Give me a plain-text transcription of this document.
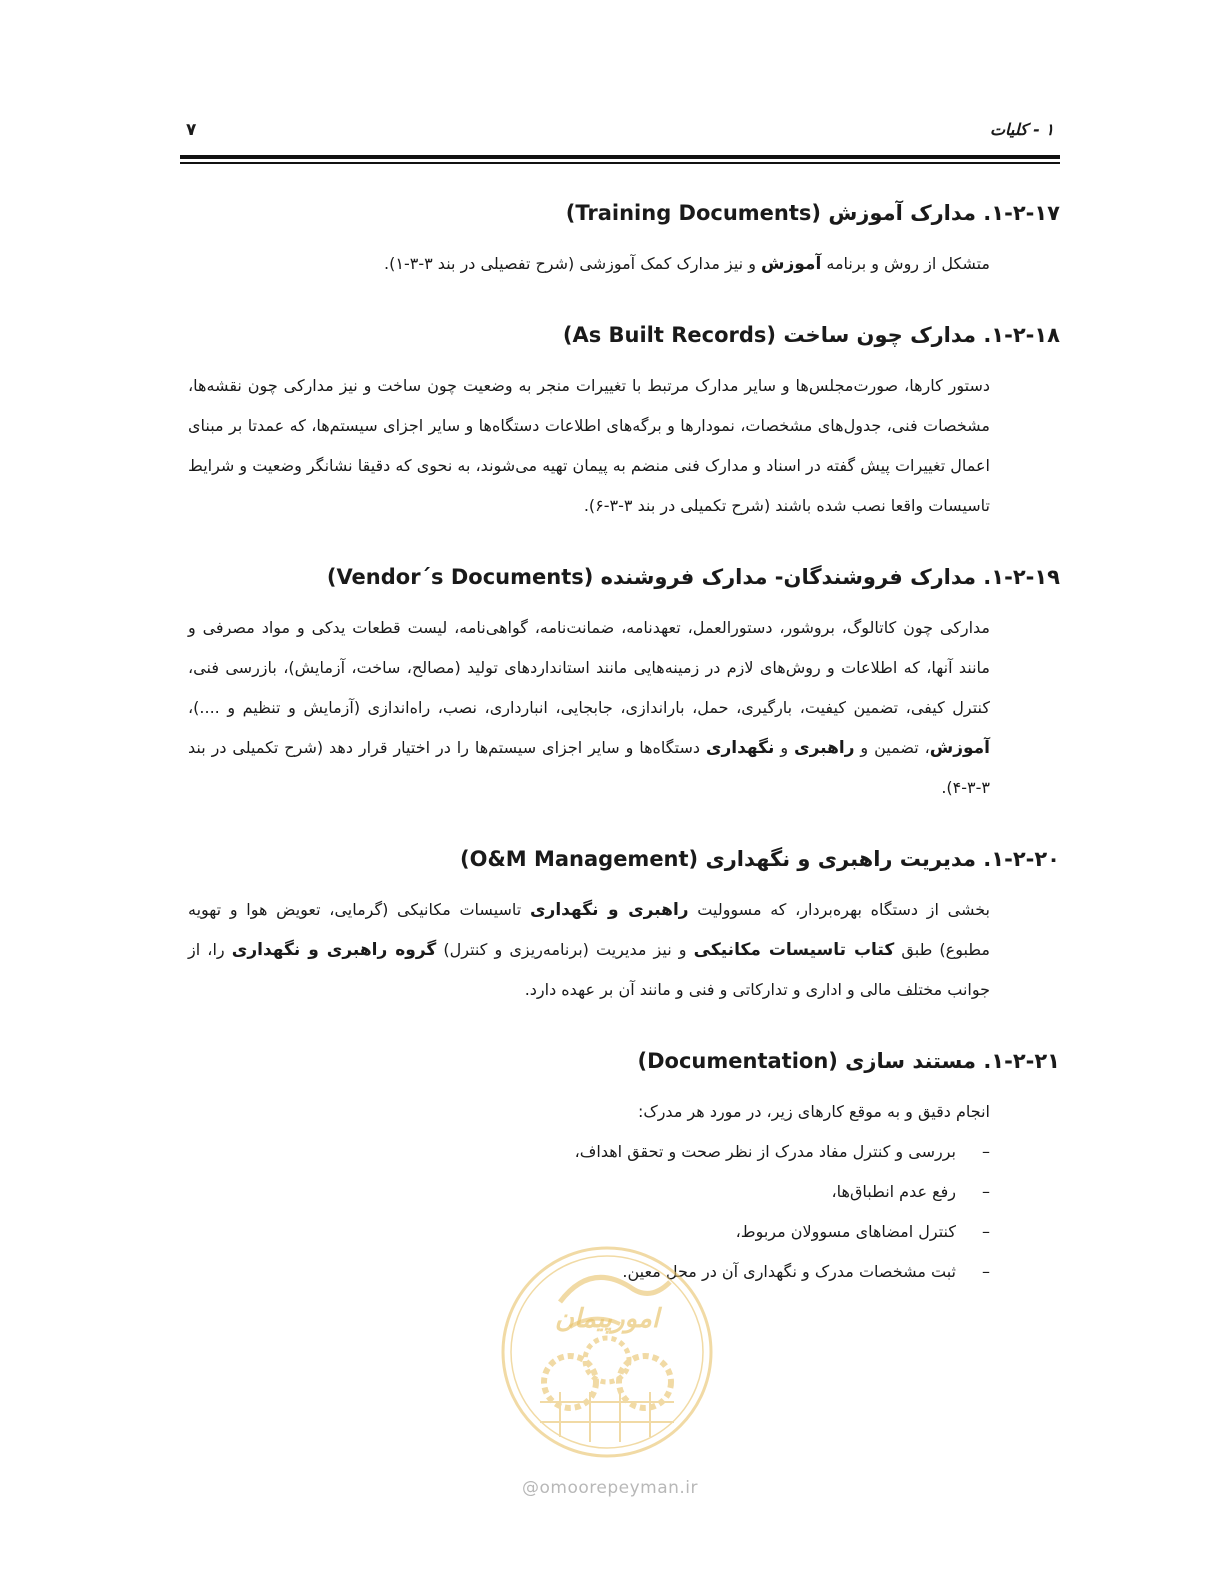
۷	۱ - کلیات
۱-۲-۱۷. مدارک آموزش (Training Documents)
متشکل از روش و برنامه آموزش و نیز مدارک کمک آموزشی (شرح تفصیلی در بند ۳-۳-۱).
۱-۲-۱۸. مدارک چون ساخت (As Built Records)
دستور کارها، صورت‌مجلس‌ها و سایر مدارک مرتبط با تغییرات منجر به وضعیت چون ساخت و نیز مدارکی چون نقشه‌ها، مشخصات فنی، جدول‌های مشخصات، نمودارها و برگه‌های اطلاعات دستگاه‌ها و سایر اجزای سیستم‌ها، که عمدتا بر مبنای اعمال تغییرات پیش گفته در اسناد و مدارک فنی منضم به پیمان تهیه می‌شوند، به نحوی که دقیقا نشانگر وضعیت و شرایط تاسیسات واقعا نصب شده باشند (شرح تکمیلی در بند ۳-۳-۶).
۱-۲-۱۹. مدارک فروشندگان- مدارک فروشنده (Vendor´s Documents)
مدارکی چون کاتالوگ، بروشور، دستورالعمل، تعهدنامه، ضمانت‌نامه، گواهی‌نامه، لیست قطعات یدکی و مواد مصرفی و مانند آنها، که اطلاعات و روش‌های لازم در زمینه‌هایی مانند استانداردهای تولید (مصالح، ساخت، آزمایش)، بازرسی فنی، کنترل کیفی، تضمین کیفیت، بارگیری، حمل، باراندازی، جابجایی، انبارداری، نصب، راه‌اندازی (آزمایش و تنظیم و ....)، آموزش، تضمین و راهبری و نگهداری دستگاه‌ها و سایر اجزای سیستم‌ها را در اختیار قرار دهد (شرح تکمیلی در بند ۳-۳-۴).
۱-۲-۲۰. مدیریت راهبری و نگهداری (O&M Management)
بخشی از دستگاه بهره‌بردار، که مسوولیت راهبری و نگهداری تاسیسات مکانیکی (گرمایی، تعویض هوا و تهویه مطبوع) طبق کتاب تاسیسات مکانیکی و نیز مدیریت (برنامه‌ریزی و کنترل) گروه راهبری و نگهداری را، از جوانب مختلف مالی و اداری و تدارکاتی و فنی و مانند آن بر عهده دارد.
۱-۲-۲۱. مستند سازی (Documentation)
انجام دقیق و به موقع کارهای زیر، در مورد هر مدرک:
–
بررسی و کنترل مفاد مدرک از نظر صحت و تحقق اهداف،
–
رفع عدم انطباق‌ها،
–
کنترل امضاهای مسوولان مربوط،
–
ثبت مشخصات مدرک و نگهداری آن در محل معین.
امورپیمان
@omoorepeyman.ir
